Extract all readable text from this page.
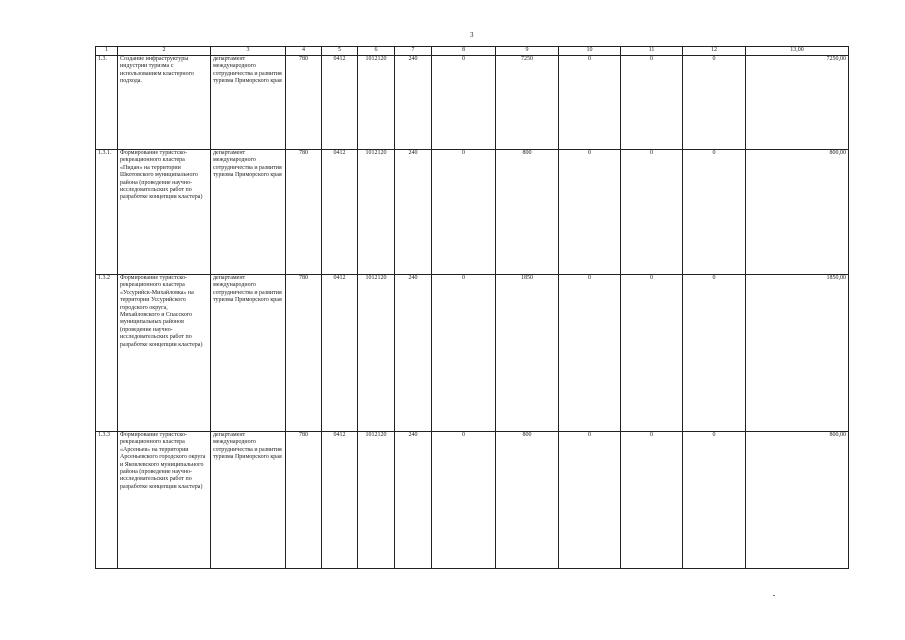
3
1	2	3	4	5	6	7	8	9	10	11	12	13,00
1.3.	Создание инфраструктуры индустрии туризма с использованием кластерного подхода.	департамент международного сотрудничества и развития туризма Приморского края	780	0412	1012120	240	0	7250	0	0	0	7250,00
1.3.1.	Формирование туристско-рекреационного кластера «Пидан» на территории Шкотовского муниципального района (проведение научно-исследовательских работ по разработке концепции кластера)	департамент международного сотрудничества и развития туризма Приморского края	780	0412	1012120	240	0	800	0	0	0	800,00
1.3.2	Формирование туристско-рекреационного кластера «Уссурийск-Михайловка» на территории Уссурийского городского округа, Михайловского и Спасского муниципальных районов (проведение научно-исследовательских работ по разработке концепции кластера)	департамент международного сотрудничества и развития туризма Приморского края	780	0412	1012120	240	0	1850	0	0	0	1850,00
1.3.3	Формирование туристско-рекреационного кластера «Арсеньев» на территории Арсеньевского городского округа и Яковлевского муниципального района (проведение научно-исследовательских работ по разработке концепции кластера)	департамент международного сотрудничества и развития туризма Приморского края	780	0412	1012120	240	0	800	0	0	0	800,00
